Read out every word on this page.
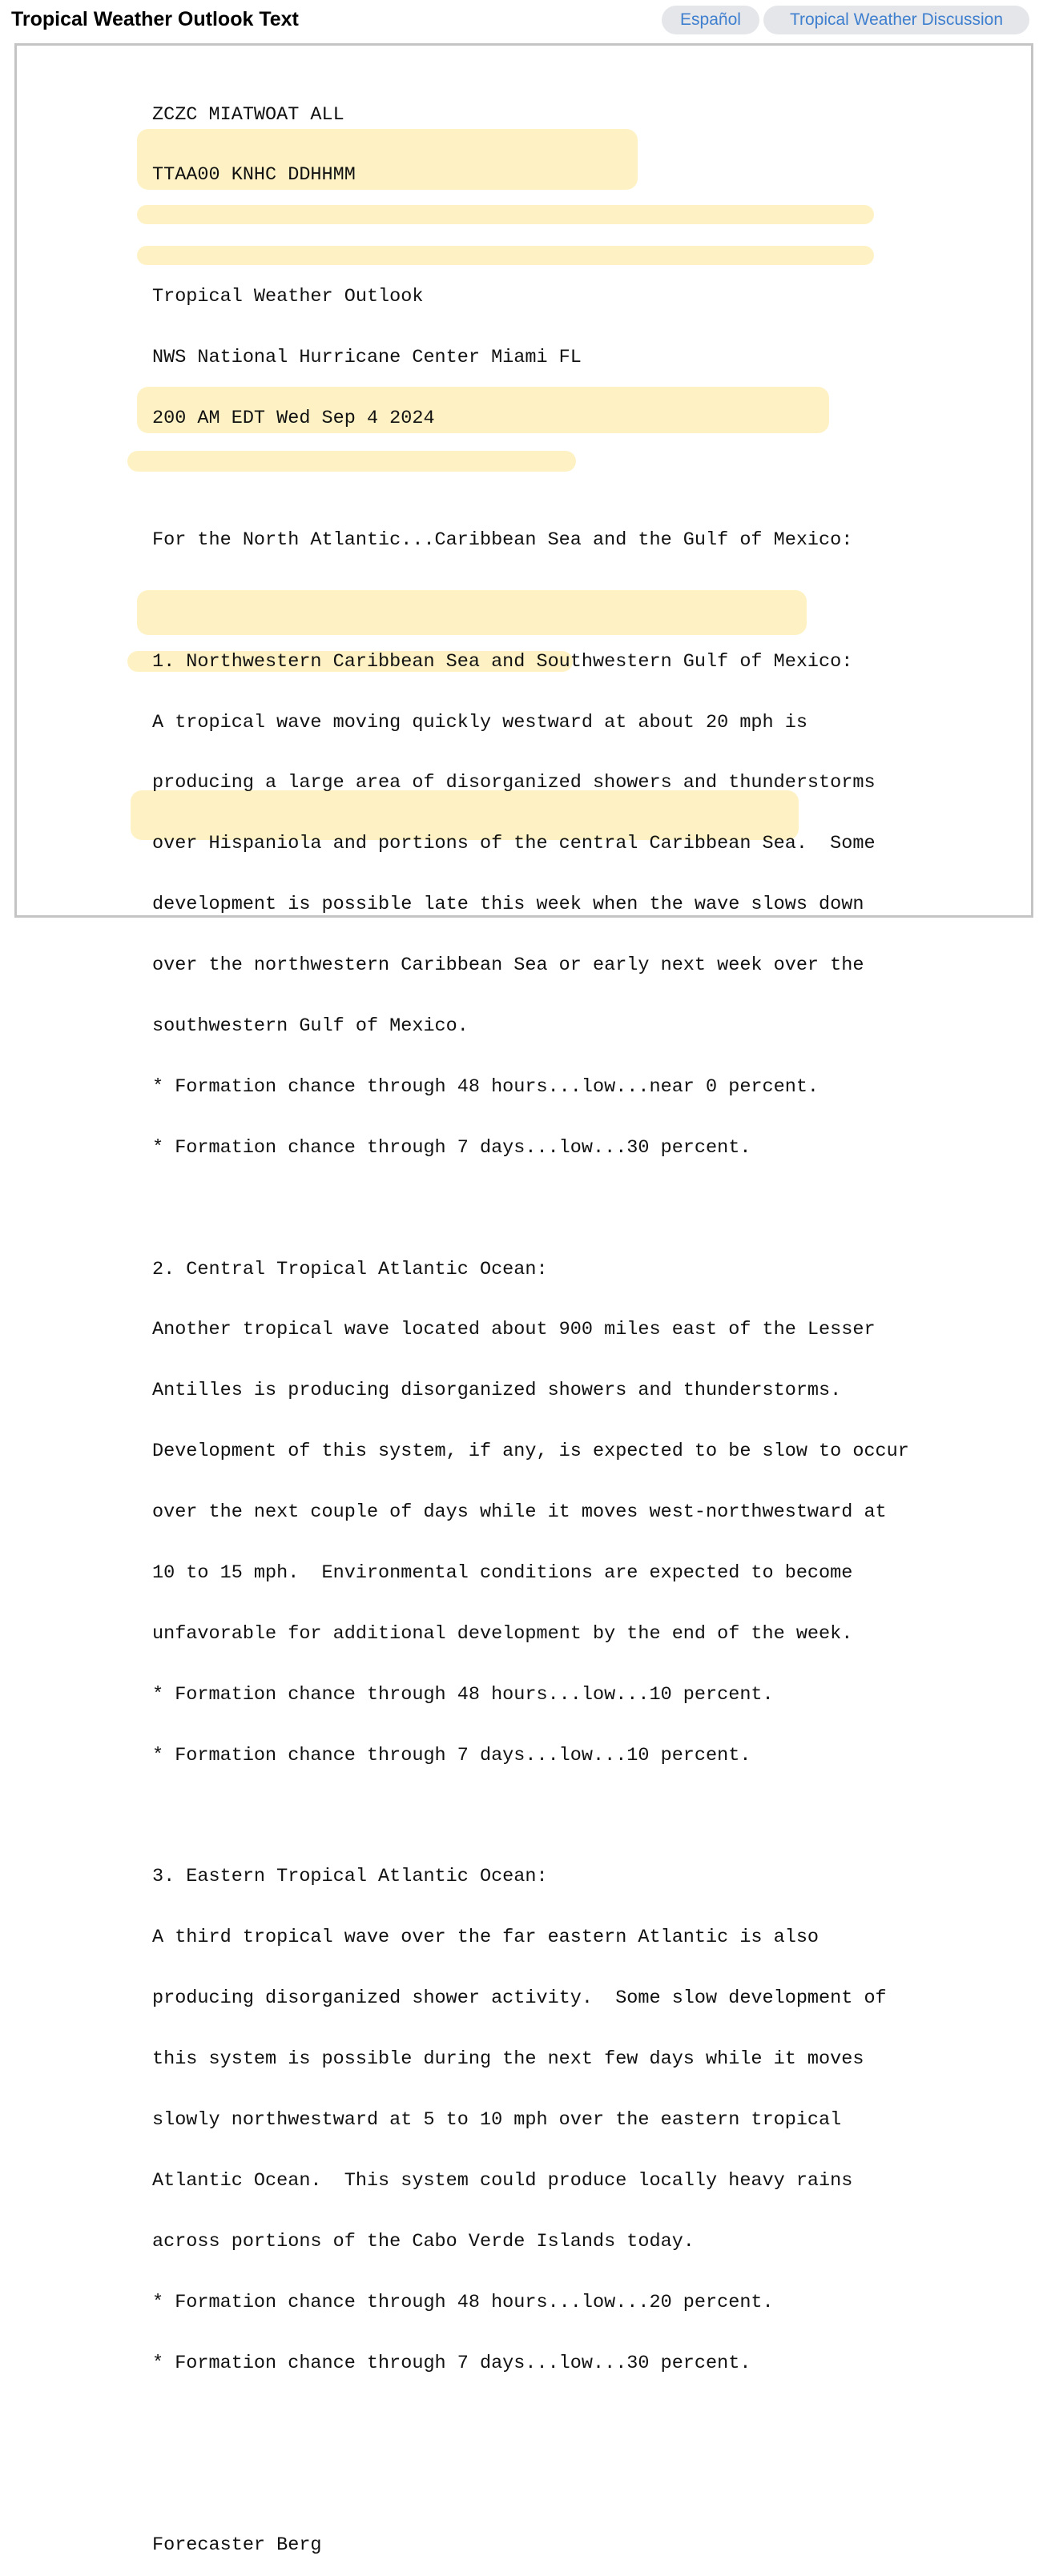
Tropical Weather Outlook Text	Español	Tropical Weather Discussion

ZCZC MIATWOAT ALL

TTAA00 KNHC DDHHMM

Tropical Weather Outlook

NWS National Hurricane Center Miami FL

200 AM EDT Wed Sep 4 2024

For the North Atlantic...Caribbean Sea and the Gulf of Mexico:

1. Northwestern Caribbean Sea and Southwestern Gulf of Mexico:

A tropical wave moving quickly westward at about 20 mph is

producing a large area of disorganized showers and thunderstorms

over Hispaniola and portions of the central Caribbean Sea.  Some

development is possible late this week when the wave slows down

over the northwestern Caribbean Sea or early next week over the

southwestern Gulf of Mexico.

* Formation chance through 48 hours...low...near 0 percent.

* Formation chance through 7 days...low...30 percent.

2. Central Tropical Atlantic Ocean:

Another tropical wave located about 900 miles east of the Lesser

Antilles is producing disorganized showers and thunderstorms.

Development of this system, if any, is expected to be slow to occur

over the next couple of days while it moves west-northwestward at

10 to 15 mph.  Environmental conditions are expected to become

unfavorable for additional development by the end of the week.

* Formation chance through 48 hours...low...10 percent.

* Formation chance through 7 days...low...10 percent.

3. Eastern Tropical Atlantic Ocean:

A third tropical wave over the far eastern Atlantic is also

producing disorganized shower activity.  Some slow development of

this system is possible during the next few days while it moves

slowly northwestward at 5 to 10 mph over the eastern tropical

Atlantic Ocean.  This system could produce locally heavy rains

across portions of the Cabo Verde Islands today.

* Formation chance through 48 hours...low...20 percent.

* Formation chance through 7 days...low...30 percent.

Forecaster Berg
